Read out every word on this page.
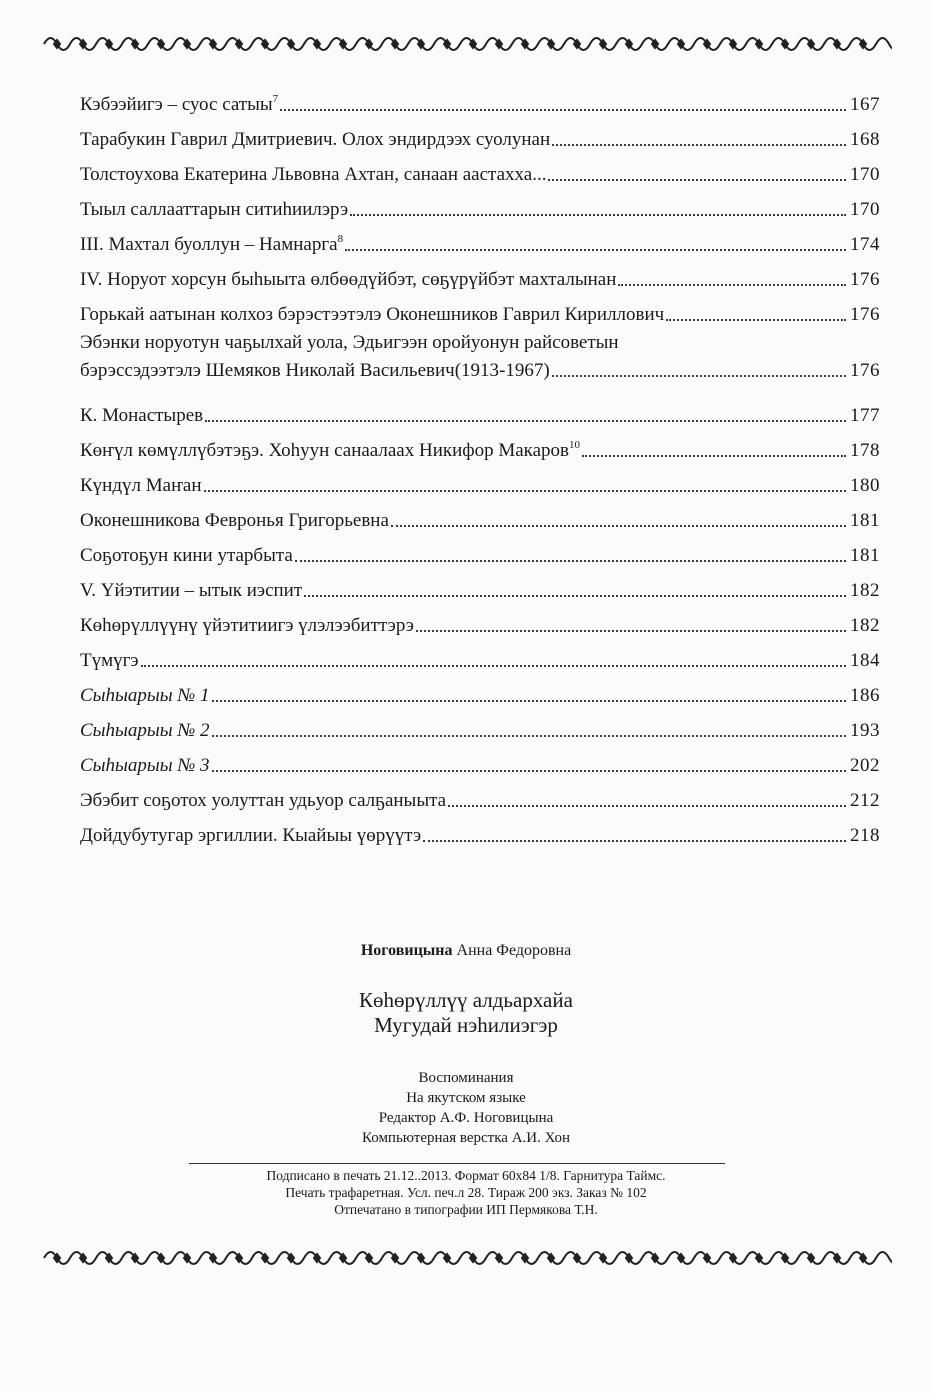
Кэбээйигэ – суос сатыы$^7$	167
Тарабукин Гаврил Дмитриевич. Олох эндирдээх суолунан	168
Толстоухова Екатерина Львовна Ахтан, санаан аастахха...	170
Тыыл саллааттарын ситиһиилэрэ	170
III. Махтал буоллун – Намнарга$^8$	174
IV. Норуот хорсун быһыыта өлбөөдүйбэт, сөҕүрүйбэт махталынан	176
Горькай аатынан колхоз бэрэстээтэлэ Оконешников Гаврил Кириллович	176
Эбэнки норуотун чаҕылхай уола, Эдьигээн оройуонун райсоветын
бэрэссэдээтэлэ Шемяков Николай Васильевич(1913-1967)	176
К. Монастырев	177
Көҥүл көмүллүбэтэҕэ. Хоһуун санаалаах Никифор Макаров$^{10}$	178
Күндүл Маҥан	180
Оконешникова Февронья Григорьевна	181
Соҕотоҕун кини утарбыта	181
V. Үйэтитии – ытык иэспит	182
Көһөрүллүүнү үйэтитиигэ үлэлээбиттэрэ	182
Түмүгэ	184
Сыһыарыы № 1	186
Сыһыарыы № 2	193
Сыһыарыы № 3	202
Эбэбит соҕотох уолуттан удьуор салҕаныыта	212
Дойдубутугар эргиллии. Кыайыы үөрүүтэ	218
Ноговицына Анна Федоровна
Көһөрүллүү алдьархайа
Мугудай нэһилиэгэр
Воспоминания
На якутском языке
Редактор А.Ф. Ноговицына
Компьютерная верстка А.И. Хон
Подписано в печать 21.12..2013. Формат 60x84 1/8. Гарнитура Таймс.
Печать трафаретная. Усл. печ.л 28. Тираж 200 экз. Заказ № 102
Отпечатано в типографии ИП Пермякова Т.Н.
